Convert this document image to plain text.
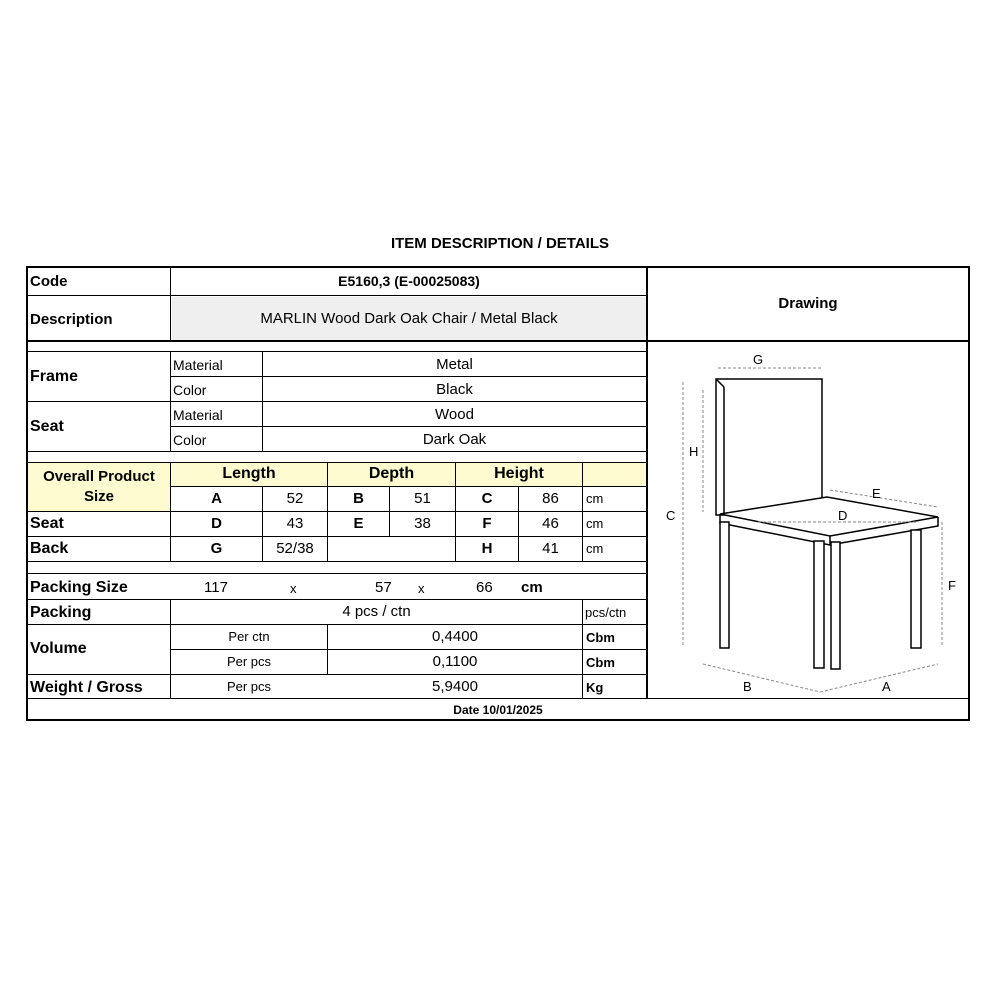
ITEM DESCRIPTION / DETAILS
Code	E5160,3 (E-00025083)
Description	MARLIN Wood Dark Oak Chair / Metal Black
Drawing
Frame
Material	Metal
Color	Black
Seat
Material	Wood
Color	Dark Oak
Overall Product
Size
Length	Depth	Height
A	52	B	51	C	86	cm
Seat	D	43	E	38	F	46	cm
Back	G	52/38	H	41	cm
Packing Size	117	x	57 x	66 cm
Packing	4 pcs / ctn	pcs/ctn
Volume
Per ctn	0,4400	Cbm
Per pcs	0,1100	Cbm
Weight / Gross	Per pcs	5,9400	Kg
Date 10/01/2025
G
H
C
E
D
F
B	A
